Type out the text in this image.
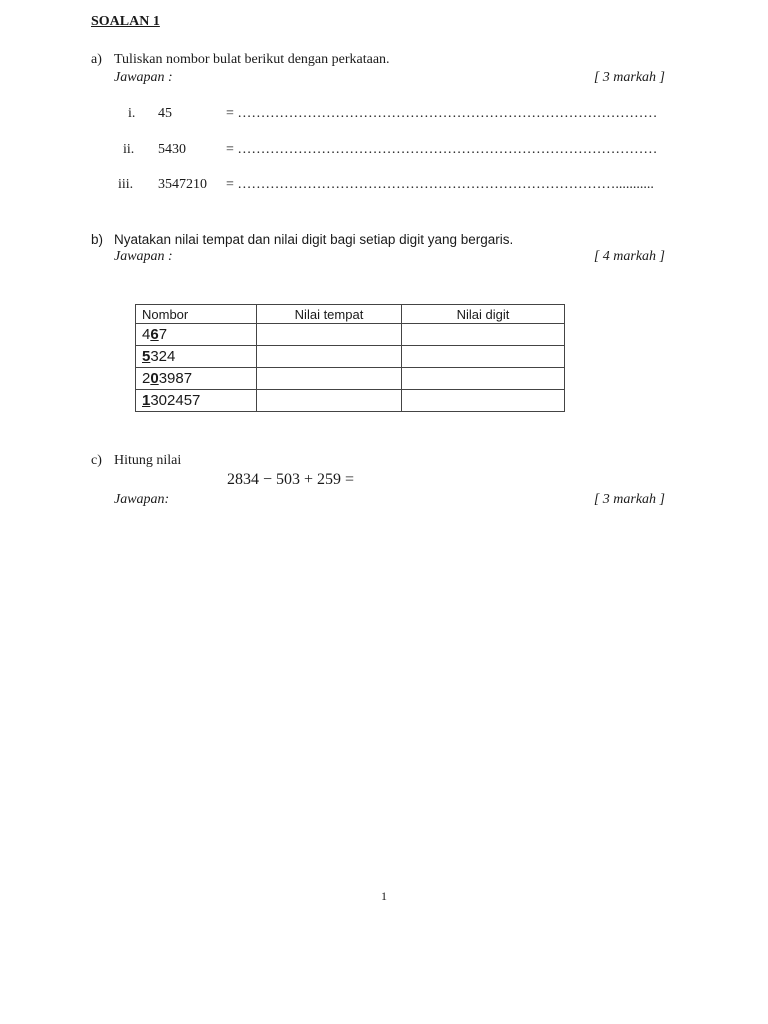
SOALAN 1
a) Tuliskan nombor bulat berikut dengan perkataan.
Jawapan :	[ 3 markah ]
i. 45	= ………………………………………………………………………………
ii. 5430	= ………………………………………………………………………………
iii. 3547210 = ………………………………………………………………………...........
b) Nyatakan nilai tempat dan nilai digit bagi setiap digit yang bergaris.
Jawapan :	[ 4 markah ]
Nombor	Nilai tempat	Nilai digit
467		
5324		
203987		
1302457		
c) Hitung nilai
2834 − 503 + 259 =
Jawapan:	[ 3 markah ]
1
